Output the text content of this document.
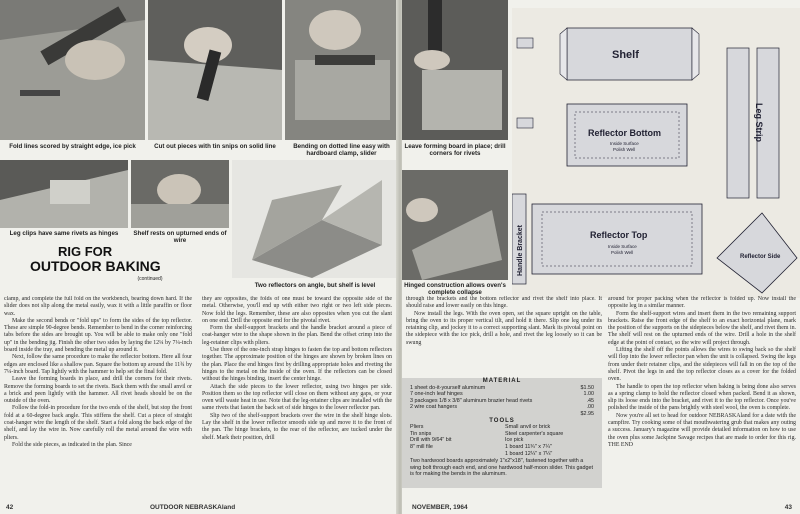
Fold lines scored by straight edge, ice pick	Cut out pieces with tin snips on solid line	Bending on dotted line easy with hardboard clamp, slider
Leg clips have same rivets as hinges	Shelf rests on upturned ends of wire
Two reflectors on angle, but shelf is level
RIG FOR
OUTDOOR BAKING
(continued)

clamp, and complete the full fold on the workbench, bearing down hard. If the slider does not slip along the metal easily, wax it with a little paraffin or floor wax.

Make the second bends or "fold ups" to form the sides of the top reflector. These are simple 90-degree bends. Remember to bend in the corner reinforcing tabs before the sides are brought up. You will be able to make only one "fold up" in the bending jig. Finish the other two sides by laying the 12¼ by 7¼-inch board inside the tray, and bending the metal up around it.

Next, follow the same procedure to make the reflector bottom. Here all four edges are enclosed like a shallow pan. Square the bottom up around the 11¾ by 7¼-inch board. Tap lightly with the hammer to help set the final fold.

Leave the forming boards in place, and drill the corners for their rivets. Remove the forming boards to set the rivets. Back them with the small anvil or a brick and peen lightly with the hammer. All rivet heads should be on the outside of the oven.

Follow the fold-in procedure for the two ends of the shelf, but stop the front fold at a 60-degree back angle. This stiffens the shelf. Cut a piece of straight coat-hanger wire the length of the shelf. Start a fold along the back edge of the shelf, and lay the wire in. Now carefully roll the metal around the wire with pliers.

Fold the side pieces, as indicated in the plan. Since

they are opposites, the folds of one must be toward the opposite side of the metal. Otherwise, you'll end up with either two right or two left side pieces. Now fold the legs. Remember, these are also opposites when you cut the slant on one end. Drill the opposite end for the pivotal rivet.

Form the shelf-support brackets and the handle bracket around a piece of coat-hanger wire to the shape shown in the plan. Bend the offset crimp into the leg-retainer clips with pliers.

Use three of the one-inch strap hinges to fasten the top and bottom reflectors together. The approximate position of the hinges are shown by broken lines on the plan. Place the end hinges first by drilling appropriate holes and riveting the hinges to the metal on the inside of the oven. If the reflectors can be closed without the hinges binding, insert the center hinge.

Attach the side pieces to the lower reflector, using two hinges per side. Position them so the top reflector will close on them without any gaps, or your oven will waste heat in use. Note that the leg-retainer clips are installed with the same rivets that fasten the back set of side hinges to the lower reflector pan.

Slip two of the shelf-support brackets over the wire in the shelf hinge slots. Lay the shelf in the lower reflector smooth side up and move it to the front of the pan. The hinge brackets, to the rear of the reflector, are tucked under the shelf. Mark their position, drill

42	OUTDOOR NEBRASKAland
Leave forming board in place; drill corners for rivets
Hinged construction allows oven's complete collapse
Shelf
Reflector Bottom
Inside Surface
Polish Well
Reflector Top
Inside Surface
Polish Well
Handle Bracket
Leg Strip
Reflector Side

through the brackets and the bottom reflector and rivet the shelf into place. It should raise and lower easily on this hinge.

Now install the legs. With the oven open, set the square upright on the table, bring the oven to its proper vertical tilt, and hold it there. Slip one leg under its retaining clip, and jockey it to a correct supporting slant. Mark its pivotal point on the sidepiece with the ice pick, drill a hole, and rivet the leg loosely so it can be swung

MATERIAL
1 sheet do-it-yourself aluminum	$1.50
7 one-inch leaf hinges	1.00
3 packages 1/8 x 3/8" aluminum brazier head rivets	.45
2 wire coat hangers	.00
$2.95
TOOLS
Pliers
Tin snips
Drill with 9/64" bit
8" mill file
Small anvil or brick
Steel carpenter's square
Ice pick
1 board 11¾" x 7¼"
1 board 12¼" x 7¼"
Two hardwood boards approximately 1"x2"x18", fastened together with a wing bolt through each end, and one hardwood half-moon slider. This gadget is for making the bends in the aluminum.

around for proper packing when the reflector is folded up. Now install the opposite leg in a similar manner.

Form the shelf-support wires and insert them in the two remaining support brackets. Raise the front edge of the shelf to an exact horizontal plane, mark the position of the supports on the sidepieces below the shelf, and rivet them in. The shelf will rest on the upturned ends of the wire. Drill a hole in the shelf edge at the point of contact, so the wire will project through.

Lifting the shelf off the points allows the wires to swing back so the shelf will flop into the lower reflector pan when the unit is collapsed. Swing the legs from under their retainer clips, and the sidepieces will fall in on the top of the shelf. Pivot the legs in and the top reflector closes as a cover for the folded oven.

The handle to open the top reflector when baking is being done also serves as a spring clamp to hold the reflector closed when packed. Bend it as shown, slip its loose ends into the bracket, and rivet it to the top reflector. Once you've polished the inside of the pans brightly with steel wool, the oven is complete.

Now you're all set to head for outdoor NEBRASKAland for a date with the campfire. Try cooking some of that mouthwatering grub that makes any outing a success. January's magazine will provide detailed information on how to use the oven plus some Jackpine Savage recipes that are made to order for this rig. THE END

NOVEMBER, 1964	43
